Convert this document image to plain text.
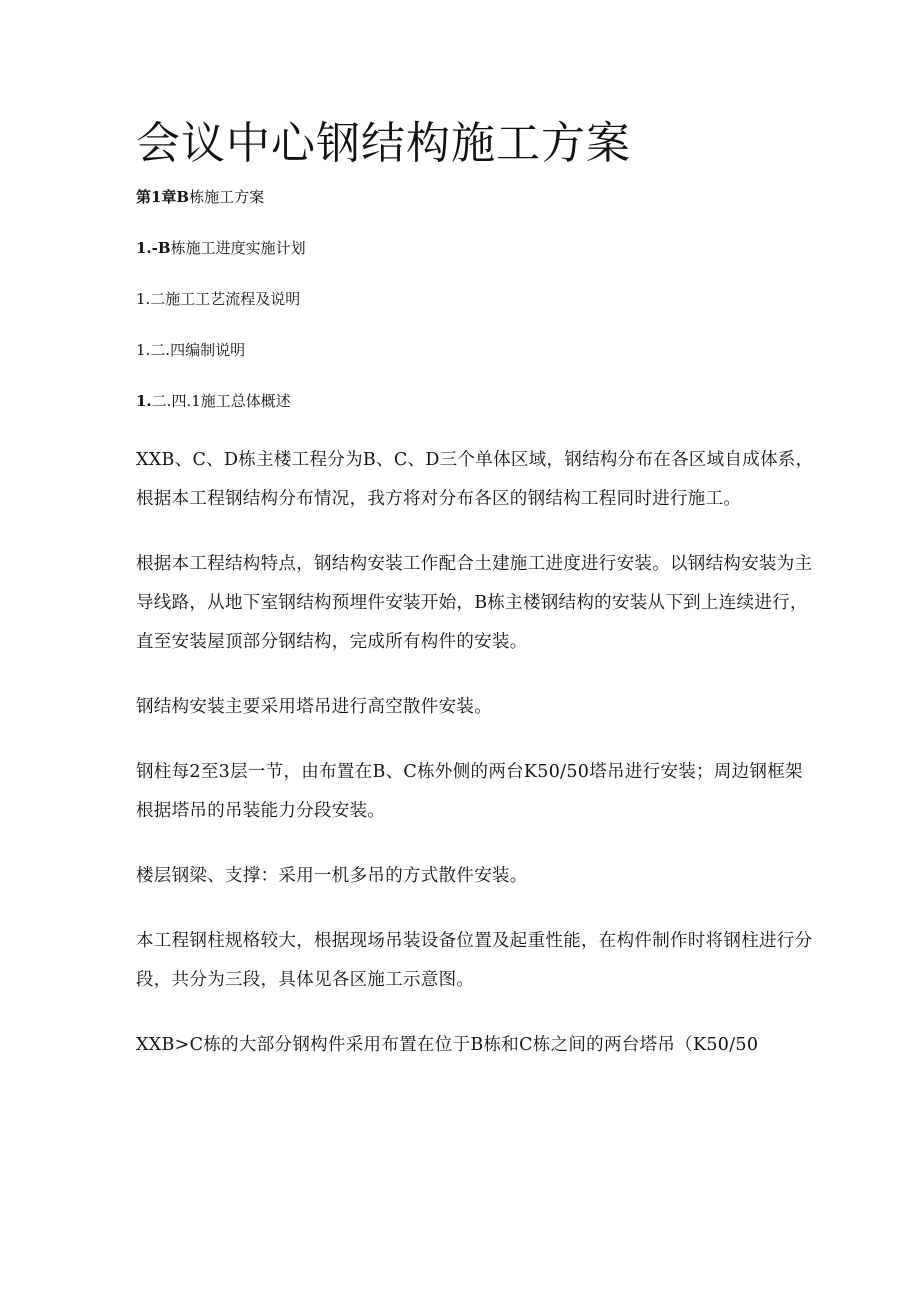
会议中心钢结构施工方案
第1章B栋施工方案
1.-B栋施工进度实施计划
1.二施工工艺流程及说明
1.二.四编制说明
1.二.四.1施工总体概述

XXB、C、D栋主楼工程分为B、C、D三个单体区域，钢结构分布在各区域自成体系，根据本工程钢结构分布情况，我方将对分布各区的钢结构工程同时进行施工。

根据本工程结构特点，钢结构安装工作配合土建施工进度进行安装。以钢结构安装为主导线路，从地下室钢结构预埋件安装开始，B栋主楼钢结构的安装从下到上连续进行，直至安装屋顶部分钢结构，完成所有构件的安装。

钢结构安装主要采用塔吊进行高空散件安装。

钢柱每2至3层一节，由布置在B、C栋外侧的两台K50/50塔吊进行安装；周边钢框架根据塔吊的吊装能力分段安装。

楼层钢梁、支撑：采用一机多吊的方式散件安装。

本工程钢柱规格较大，根据现场吊装设备位置及起重性能，在构件制作时将钢柱进行分段，共分为三段，具体见各区施工示意图。

XXB>C栋的大部分钢构件采用布置在位于B栋和C栋之间的两台塔吊（K50/50
